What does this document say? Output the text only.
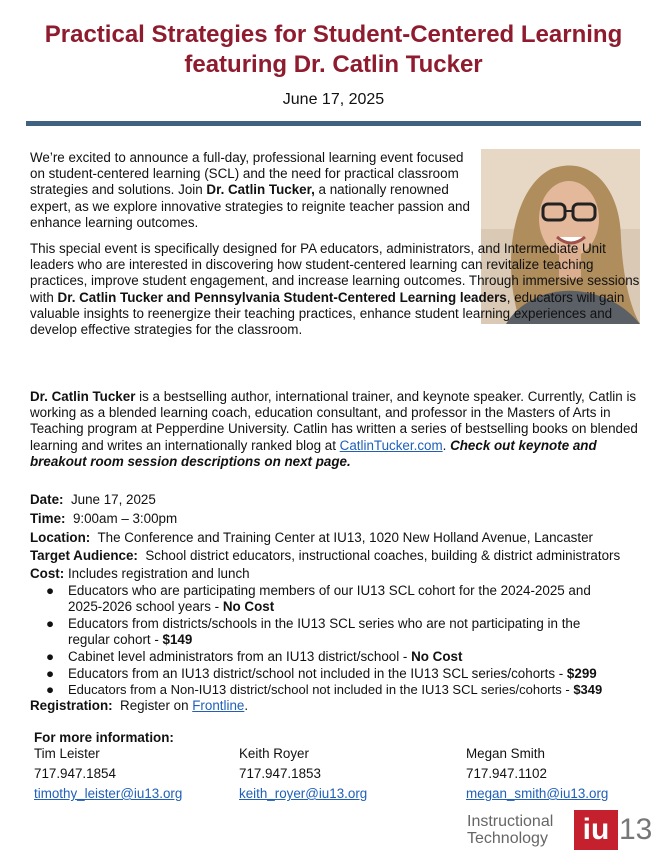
Practical Strategies for Student-Centered Learning
featuring Dr. Catlin Tucker
June 17, 2025

We’re excited to announce a full-day, professional learning event focused on student-centered learning (SCL) and the need for practical classroom strategies and solutions. Join Dr. Catlin Tucker, a nationally renowned expert, as we explore innovative strategies to reignite teacher passion and enhance learning outcomes.

This special event is specifically designed for PA educators, administrators, and Intermediate Unit leaders who are interested in discovering how student-centered learning can revitalize teaching practices, improve student engagement, and increase learning outcomes. Through immersive sessions with Dr. Catlin Tucker and Pennsylvania Student-Centered Learning leaders, educators will gain valuable insights to reenergize their teaching practices, enhance student learning experiences and develop effective strategies for the classroom.

Dr. Catlin Tucker is a bestselling author, international trainer, and keynote speaker. Currently, Catlin is working as a blended learning coach, education consultant, and professor in the Masters of Arts in Teaching program at Pepperdine University. Catlin has written a series of bestselling books on blended learning and writes an internationally ranked blog at CatlinTucker.com. Check out keynote and breakout room session descriptions on next page.

Date: June 17, 2025
Time: 9:00am – 3:00pm
Location: The Conference and Training Center at IU13, 1020 New Holland Avenue, Lancaster
Target Audience: School district educators, instructional coaches, building & district administrators
Cost: Includes registration and lunch
● Educators who are participating members of our IU13 SCL cohort for the 2024-2025 and
2025-2026 school years - No Cost
● Educators from districts/schools in the IU13 SCL series who are not participating in the
regular cohort - $149
● Cabinet level administrators from an IU13 district/school - No Cost
● Educators from an IU13 district/school not included in the IU13 SCL series/cohorts - $299
● Educators from a Non-IU13 district/school not included in the IU13 SCL series/cohorts - $349
Registration: Register on Frontline.
For more information:
Tim Leister
717.947.1854
timothy_leister@iu13.org
Keith Royer
717.947.1853
keith_royer@iu13.org
Megan Smith
717.947.1102
megan_smith@iu13.org
Instructional
Technology iu 13
